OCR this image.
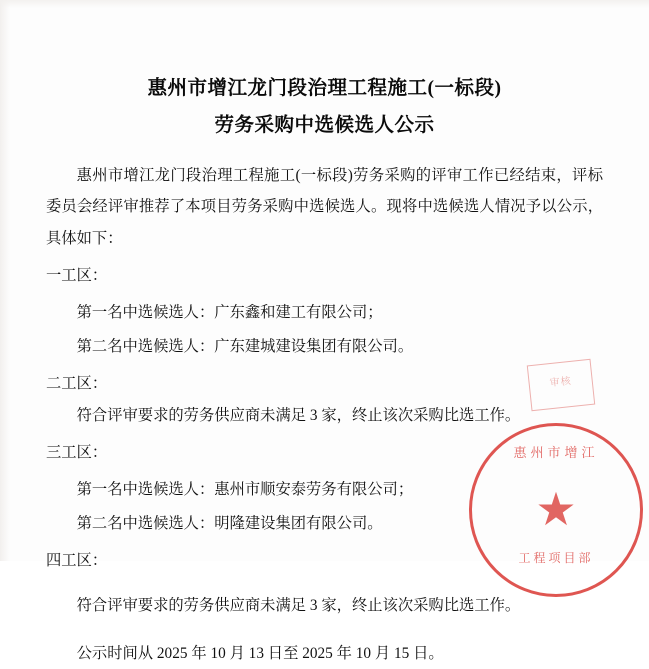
惠州市增江龙门段治理工程施工(一标段)
劳务采购中选候选人公示
惠州市增江龙门段治理工程施工(一标段)劳务采购的评审工作已经结束，评标委员会经评审推荐了本项目劳务采购中选候选人。现将中选候选人情况予以公示，具体如下：
一工区：
第一名中选候选人：广东鑫和建工有限公司；
第二名中选候选人：广东建城建设集团有限公司。
二工区：
符合评审要求的劳务供应商未满足 3 家，终止该次采购比选工作。
三工区：
第一名中选候选人：惠州市顺安泰劳务有限公司；
第二名中选候选人：明隆建设集团有限公司。
四工区：
符合评审要求的劳务供应商未满足 3 家，终止该次采购比选工作。
公示时间从 2025 年 10 月 13 日至 2025 年 10 月 15 日。
审核
惠州市增江
★
工程项目部
